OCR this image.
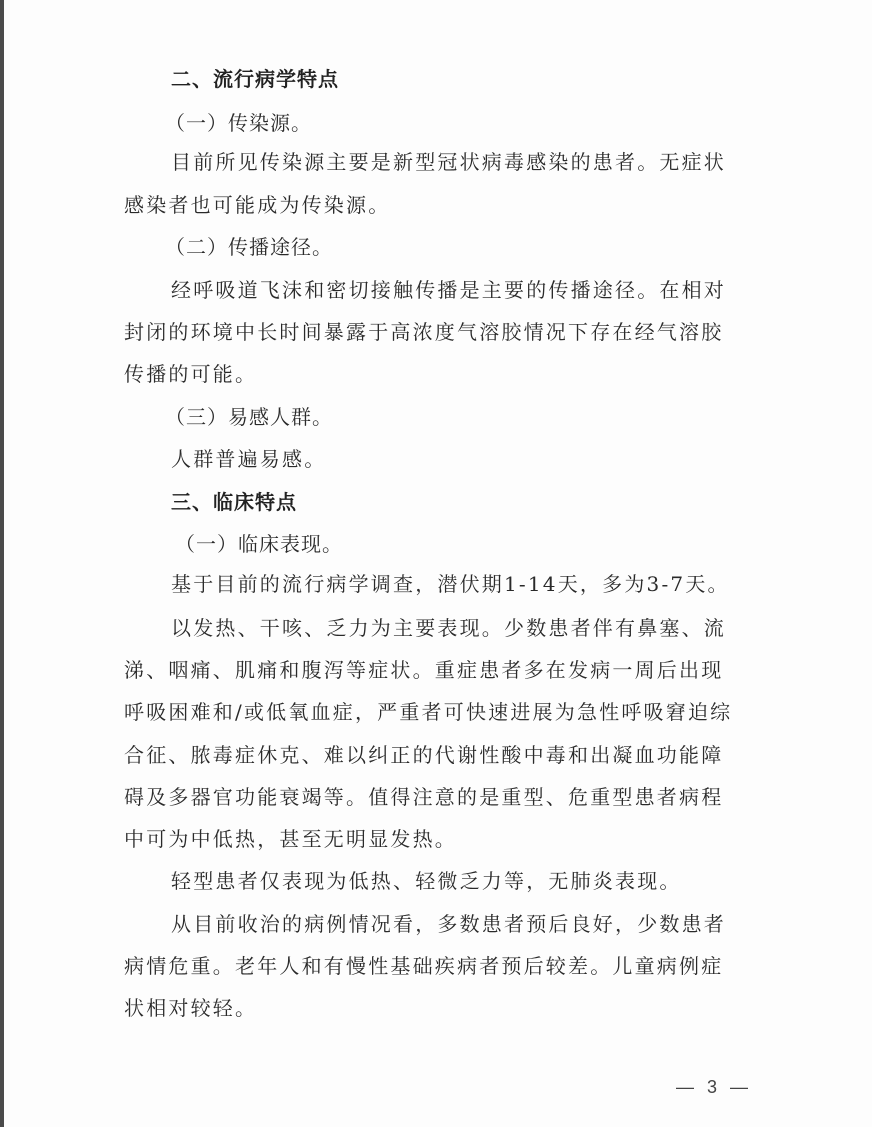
二、流行病学特点
（一）传染源。
目前所见传染源主要是新型冠状病毒感染的患者。无症状
感染者也可能成为传染源。
（二）传播途径。
经呼吸道飞沫和密切接触传播是主要的传播途径。在相对
封闭的环境中长时间暴露于高浓度气溶胶情况下存在经气溶胶
传播的可能。
（三）易感人群。
人群普遍易感。
三、临床特点
（一）临床表现。
基于目前的流行病学调查，潜伏期1-14天，多为3-7天。
以发热、干咳、乏力为主要表现。少数患者伴有鼻塞、流
涕、咽痛、肌痛和腹泻等症状。重症患者多在发病一周后出现
呼吸困难和/或低氧血症，严重者可快速进展为急性呼吸窘迫综
合征、脓毒症休克、难以纠正的代谢性酸中毒和出凝血功能障
碍及多器官功能衰竭等。值得注意的是重型、危重型患者病程
中可为中低热，甚至无明显发热。
轻型患者仅表现为低热、轻微乏力等，无肺炎表现。
从目前收治的病例情况看，多数患者预后良好，少数患者
病情危重。老年人和有慢性基础疾病者预后较差。儿童病例症
状相对较轻。
— 3 —
